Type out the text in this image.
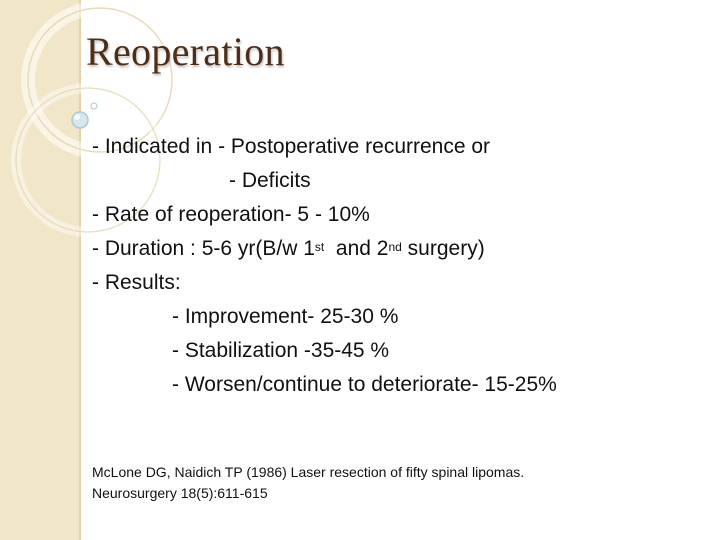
Reoperation
- Indicated in - Postoperative recurrence or
- Deficits
- Rate of reoperation- 5 - 10%
- Duration : 5-6 yr(B/w 1st  and 2nd surgery)
- Results:
- Improvement- 25-30 %
- Stabilization -35-45 %
- Worsen/continue to deteriorate- 15-25%
McLone DG, Naidich TP (1986) Laser resection of fifty spinal lipomas.
Neurosurgery 18(5):611-615
